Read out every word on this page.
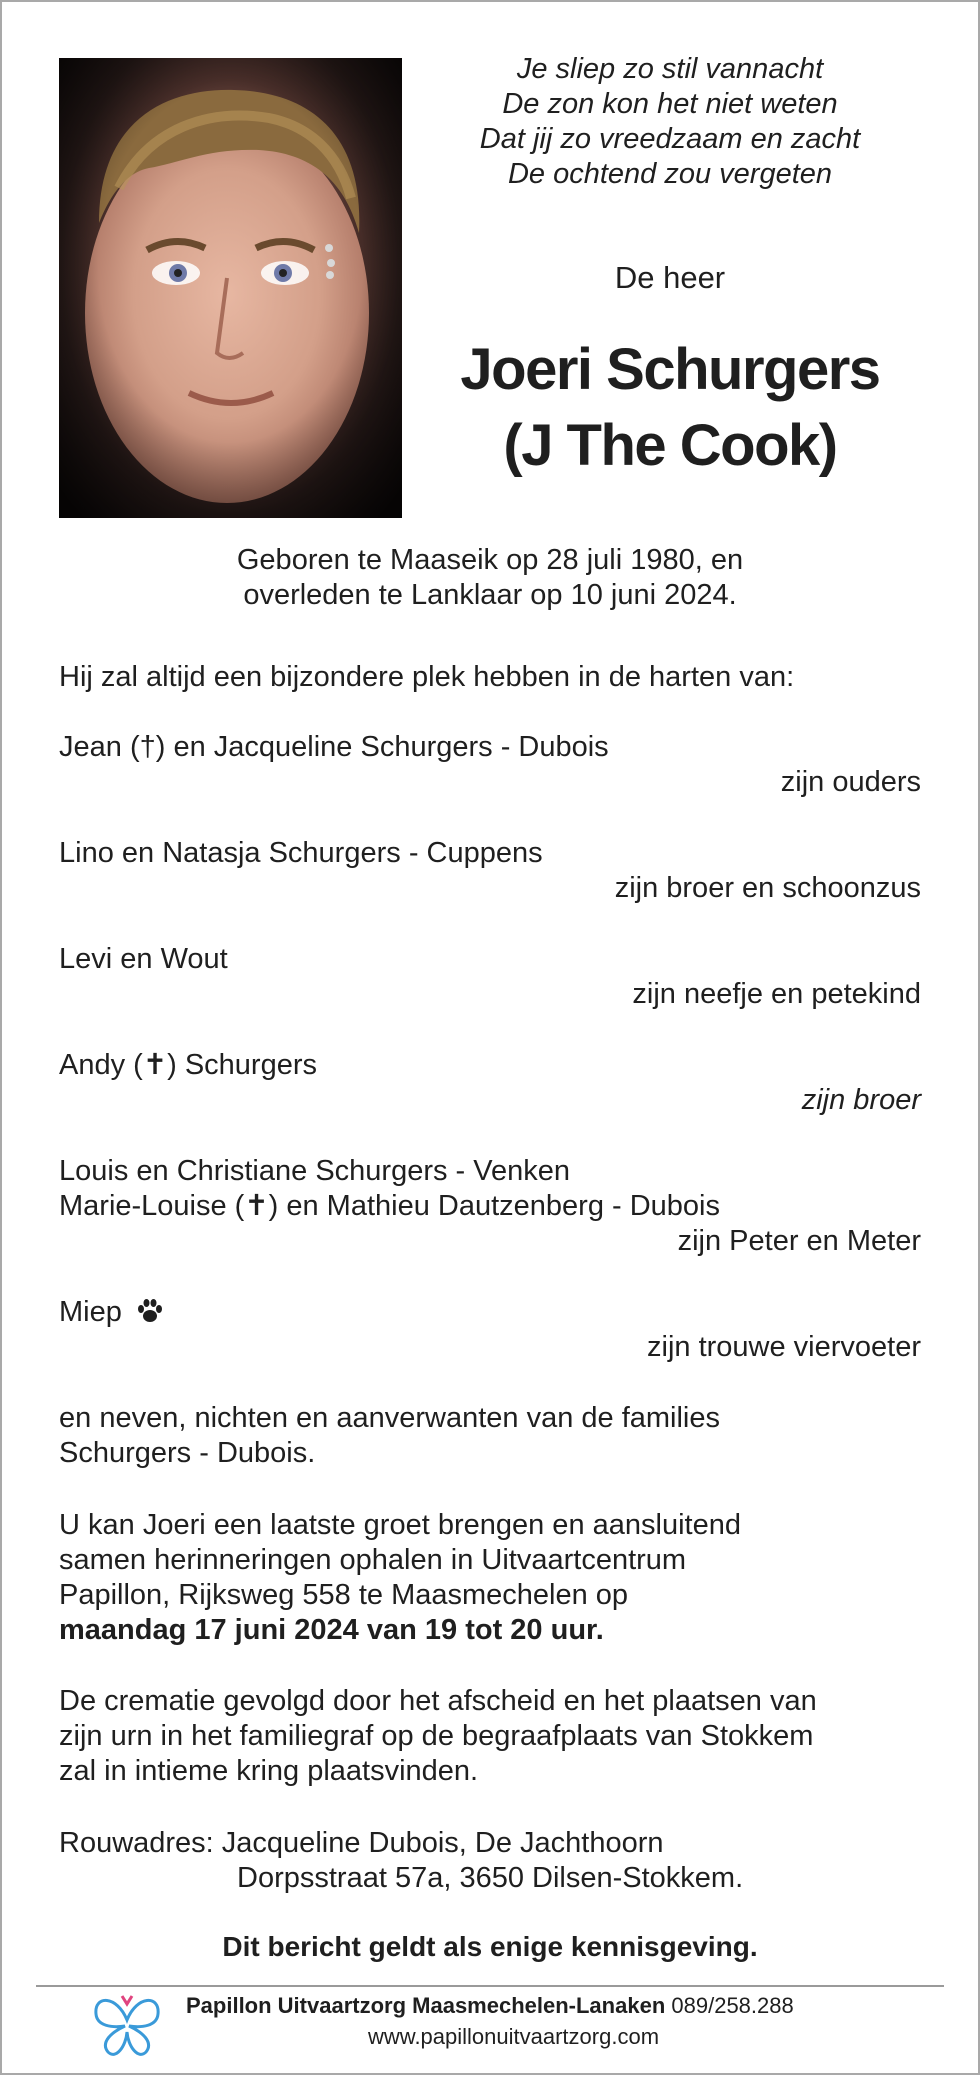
Je sliep zo stil vannacht
De zon kon het niet weten
Dat jij zo vreedzaam en zacht
De ochtend zou vergeten
De heer
Joeri Schurgers
(J The Cook)
Geboren te Maaseik op 28 juli 1980, en
overleden te Lanklaar op 10 juni 2024.
Hij zal altijd een bijzondere plek hebben in de harten van:
Jean (†) en Jacqueline Schurgers - Dubois
zijn ouders
Lino en Natasja Schurgers - Cuppens
zijn broer en schoonzus
Levi en Wout
zijn neefje en petekind
Andy (✝) Schurgers
zijn broer
Louis en Christiane Schurgers - Venken
Marie-Louise (✝) en Mathieu Dautzenberg - Dubois
zijn Peter en Meter
Miep
zijn trouwe viervoeter
en neven, nichten en aanverwanten van de families
Schurgers - Dubois.
U kan Joeri een laatste groet brengen en aansluitend
samen herinneringen ophalen in Uitvaartcentrum
Papillon, Rijksweg 558 te Maasmechelen op
maandag 17 juni 2024 van 19 tot 20 uur.
De crematie gevolgd door het afscheid en het plaatsen van
zijn urn in het familiegraf op de begraafplaats van Stokkem
zal in intieme kring plaatsvinden.
Rouwadres: Jacqueline Dubois, De Jachthoorn
Dorpsstraat 57a, 3650 Dilsen-Stokkem.
Dit bericht geldt als enige kennisgeving.
Papillon Uitvaartzorg Maasmechelen-Lanaken 089/258.288
www.papillonuitvaartzorg.com
